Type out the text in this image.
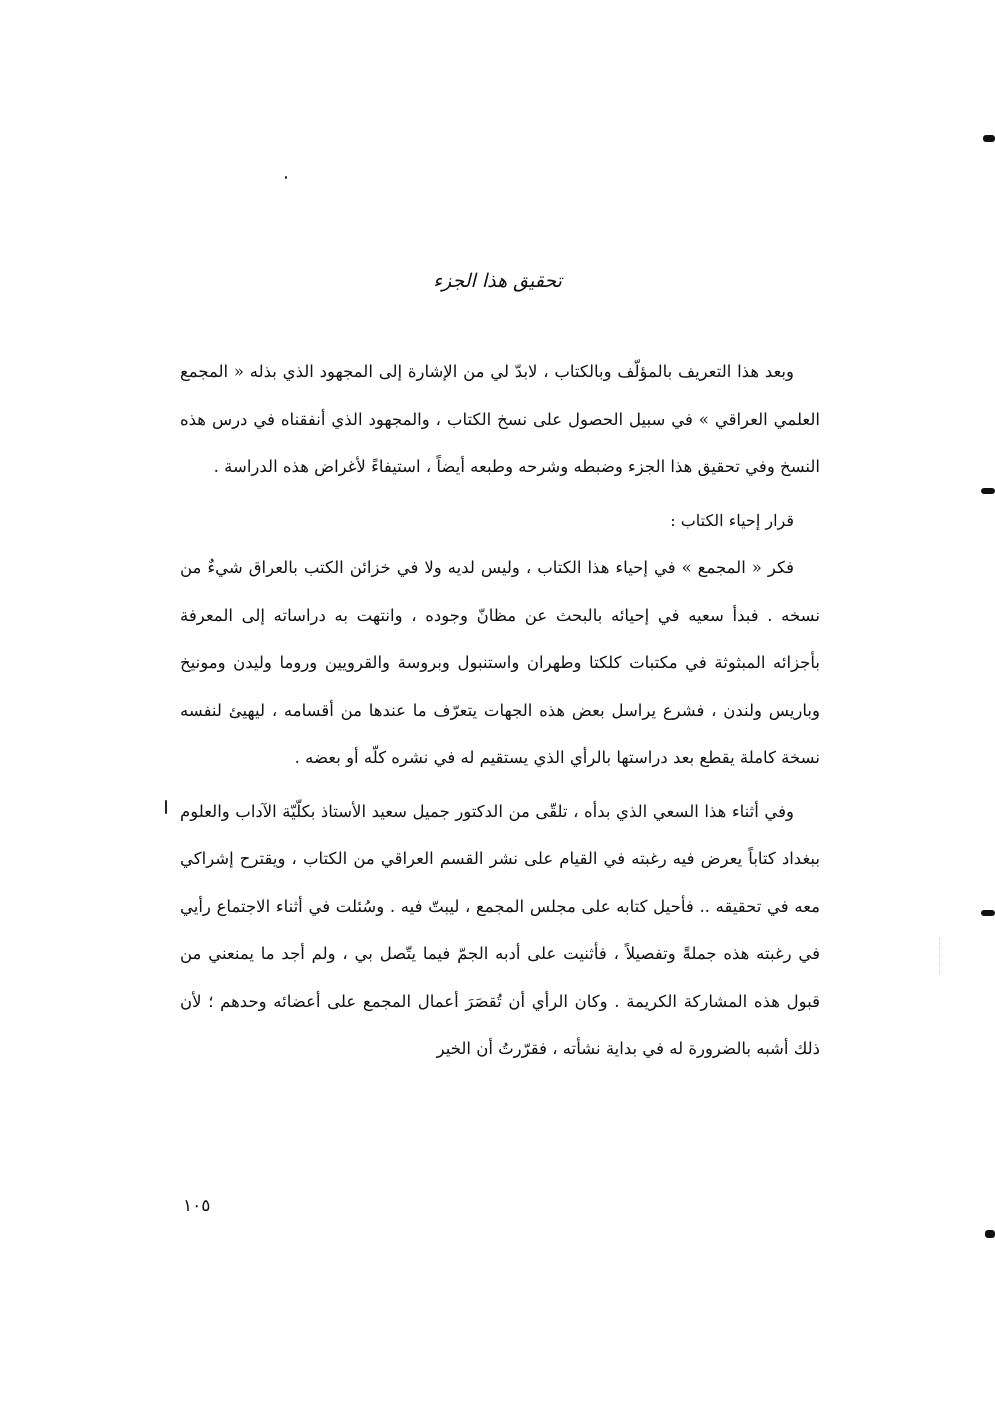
تحقيق هذا الجزء

وبعد هذا التعريف بالمؤلّف وبالكتاب ، لابدّ لي من الإشارة إلى المجهود الذي بذله « المجمع العلمي العراقي » في سبيل الحصول على نسخ الكتاب ، والمجهود الذي أنفقناه في درس هذه النسخ وفي تحقيق هذا الجزء وضبطه وشرحه وطبعه أيضاً ، استيفاءً لأغراض هذه الدراسة .

قرار إحياء الكتاب :

فكر « المجمع » في إحياء هذا الكتاب ، وليس لديه ولا في خزائن الكتب بالعراق شيءٌ من نسخه . فبدأ سعيه في إحيائه بالبحث عن مظانّ وجوده ، وانتهت به دراساته إلى المعرفة بأجزائه المبثوثة في مكتبات كلكتا وطهران واستنبول وبروسة والقرويين وروما وليدن ومونيخ وباريس ولندن ، فشرع يراسل بعض هذه الجهات يتعرّف ما عندها من أقسامه ، ليهيئ لنفسه نسخة كاملة يقطع بعد دراستها بالرأي الذي يستقيم له في نشره كلّه أو بعضه .

وفي أثناء هذا السعي الذي بدأه ، تلقّى من الدكتور جميل سعيد الأستاذ بكلّيّة الآداب والعلوم ببغداد كتاباً يعرض فيه رغبته في القيام على نشر القسم العراقي من الكتاب ، ويقترح إشراكي معه في تحقيقه .. فأحيل كتابه على مجلس المجمع ، ليبتّ فيه . وسُئلت في أثناء الاجتماع رأيي في رغبته هذه جملةً وتفصيلاً ، فأثنيت على أدبه الجمّ فيما يتّصل بي ، ولم أجد ما يمنعني من قبول هذه المشاركة الكريمة . وكان الرأي أن تُقصَرَ أعمال المجمع على أعضائه وحدهم ؛ لأن ذلك أشبه بالضرورة له في بداية نشأته ، فقرّرتُ أن الخير

١٠٥
